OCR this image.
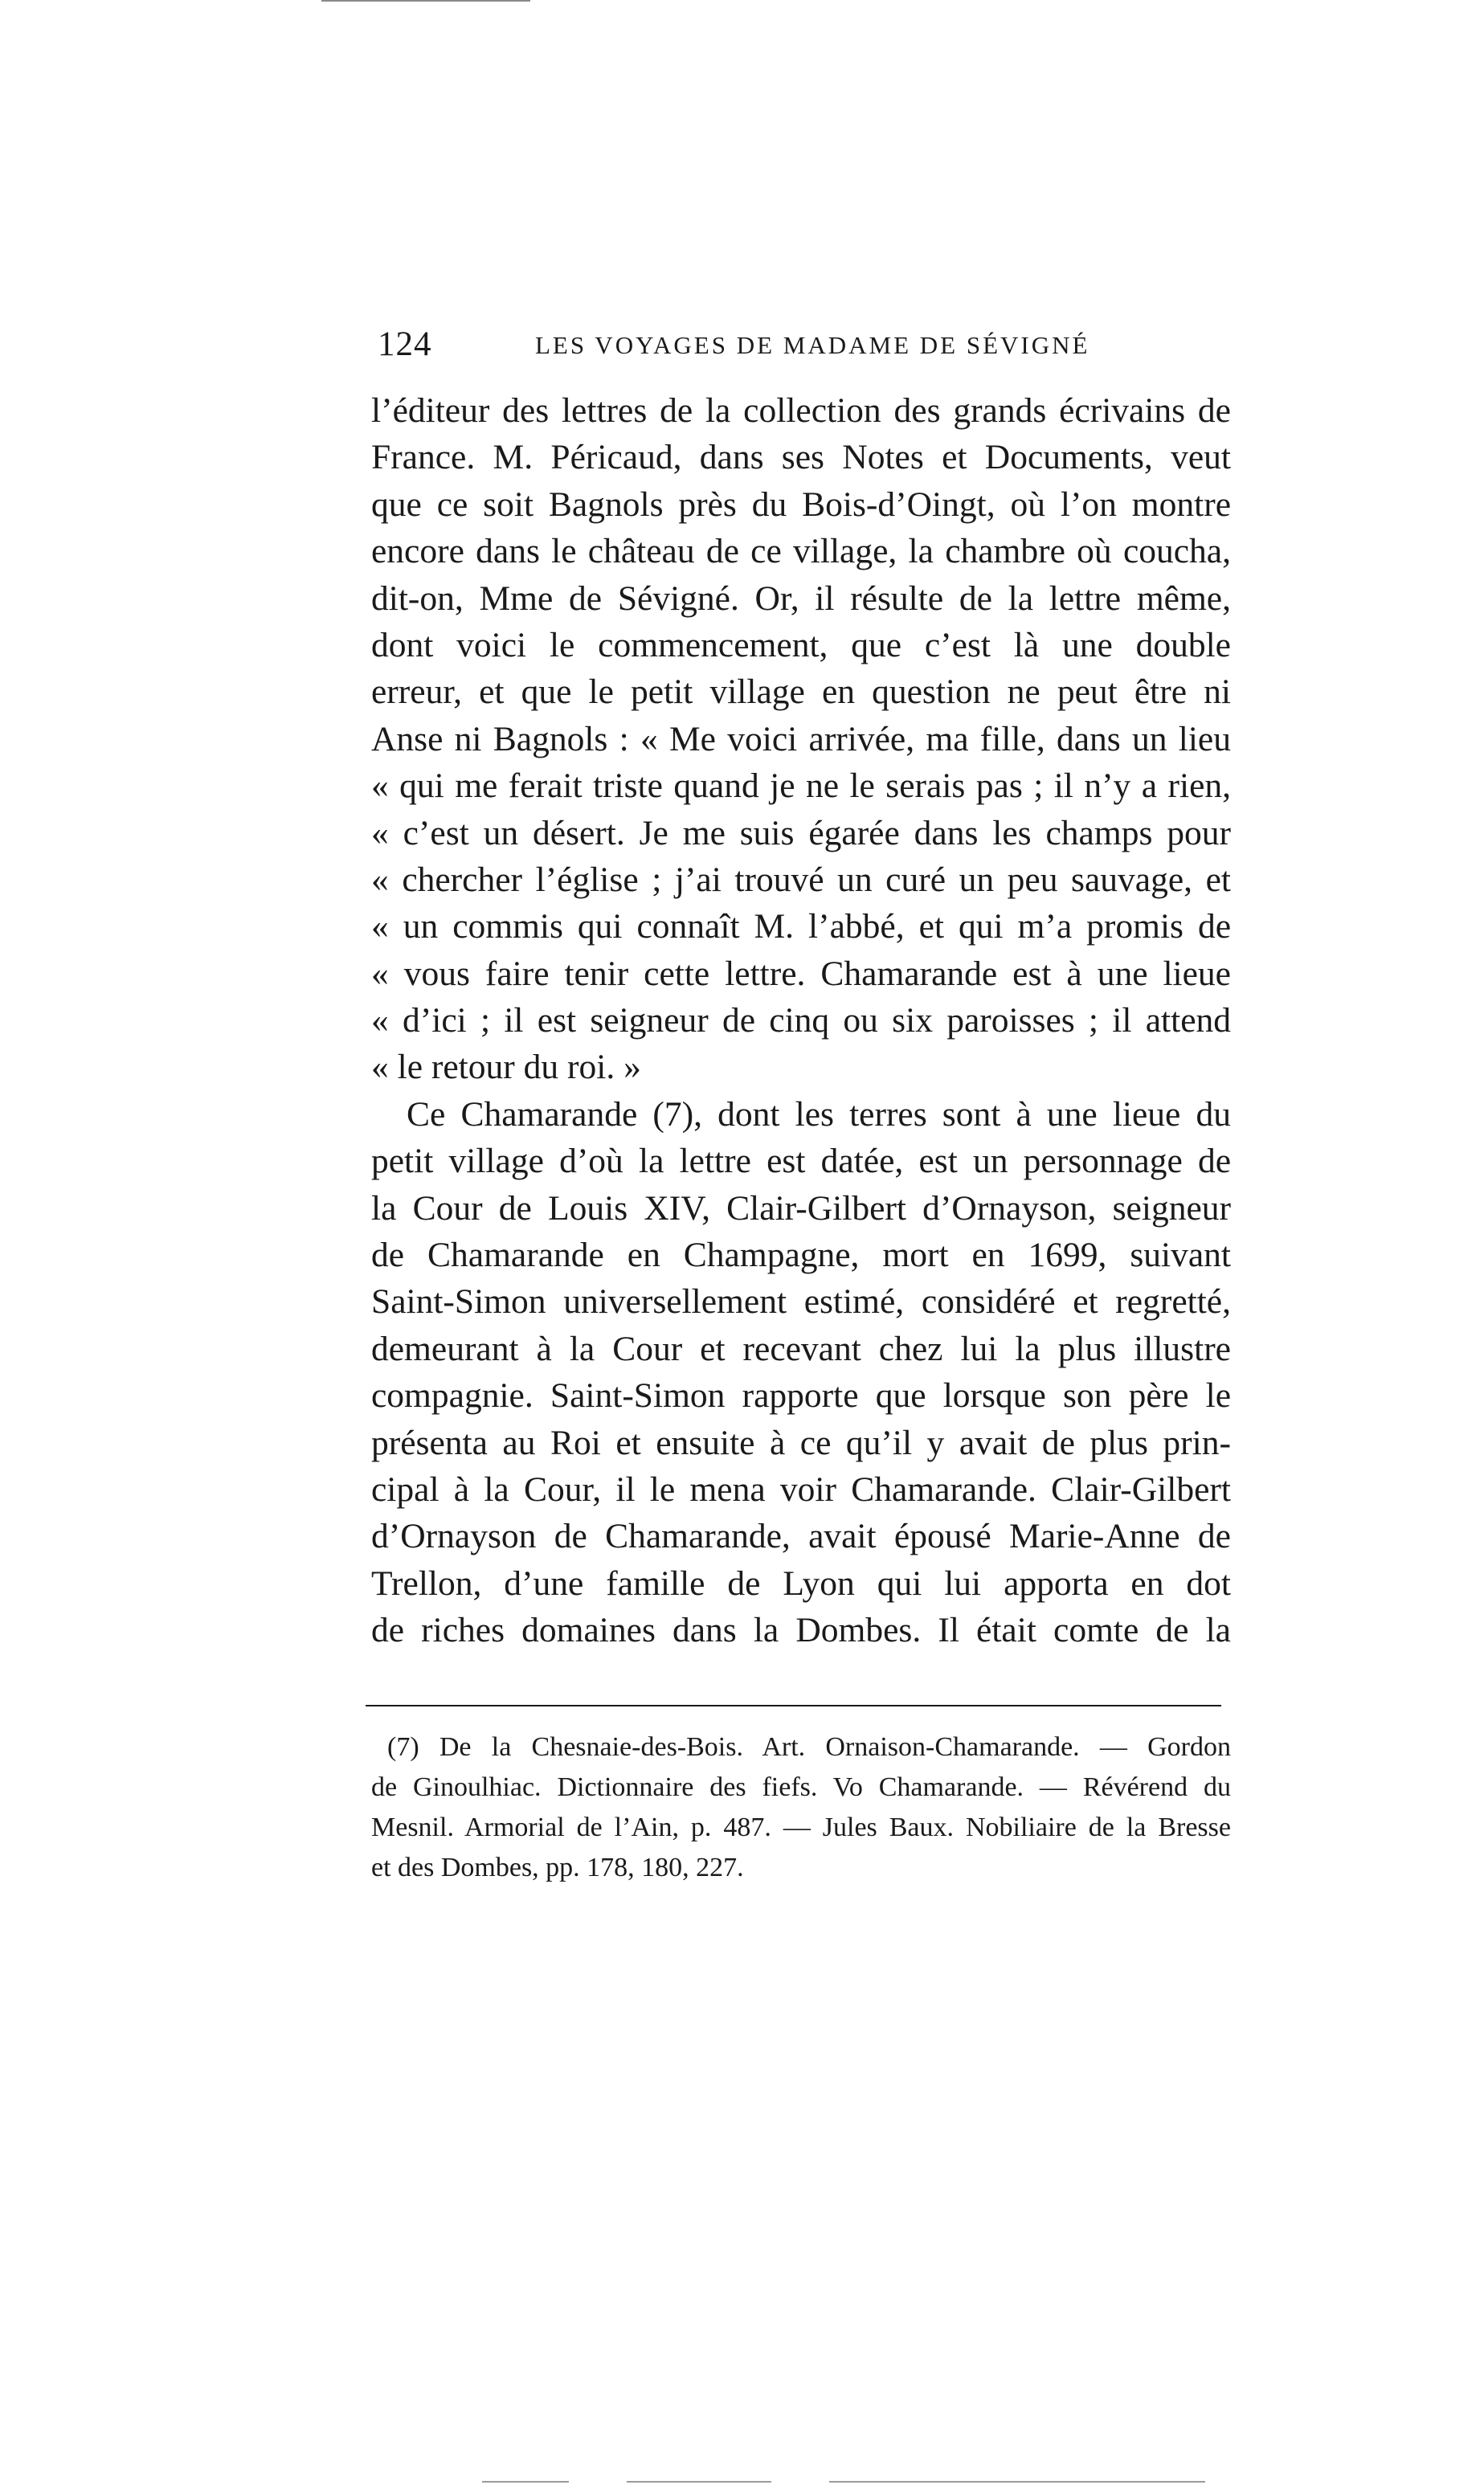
124	LES VOYAGES DE MADAME DE SÉVIGNÉ
l’éditeur des lettres de la collection des grands écrivains de
France. M. Péricaud, dans ses Notes et Documents, veut
que ce soit Bagnols près du Bois-d’Oingt, où l’on montre
encore dans le château de ce village, la chambre où coucha,
dit-on, Mme de Sévigné. Or, il résulte de la lettre même,
dont voici le commencement, que c’est là une double
erreur, et que le petit village en question ne peut être ni
Anse ni Bagnols : « Me voici arrivée, ma fille, dans un lieu
« qui me ferait triste quand je ne le serais pas ; il n’y a rien,
« c’est un désert. Je me suis égarée dans les champs pour
« chercher l’église ; j’ai trouvé un curé un peu sauvage, et
« un commis qui connaît M. l’abbé, et qui m’a promis de
« vous faire tenir cette lettre. Chamarande est à une lieue
« d’ici ; il est seigneur de cinq ou six paroisses ; il attend
« le retour du roi. »
Ce Chamarande (7), dont les terres sont à une lieue du
petit village d’où la lettre est datée, est un personnage de
la Cour de Louis XIV, Clair-Gilbert d’Ornayson, seigneur
de Chamarande en Champagne, mort en 1699, suivant
Saint-Simon universellement estimé, considéré et regretté,
demeurant à la Cour et recevant chez lui la plus illustre
compagnie. Saint-Simon rapporte que lorsque son père le
présenta au Roi et ensuite à ce qu’il y avait de plus prin-
cipal à la Cour, il le mena voir Chamarande. Clair-Gilbert
d’Ornayson de Chamarande, avait épousé Marie-Anne de
Trellon, d’une famille de Lyon qui lui apporta en dot
de riches domaines dans la Dombes. Il était comte de la
(7) De la Chesnaie-des-Bois. Art. Ornaison-Chamarande. — Gordon
de Ginoulhiac. Dictionnaire des fiefs. Vo Chamarande. — Révérend du
Mesnil. Armorial de l’Ain, p. 487. — Jules Baux. Nobiliaire de la Bresse
et des Dombes, pp. 178, 180, 227.
